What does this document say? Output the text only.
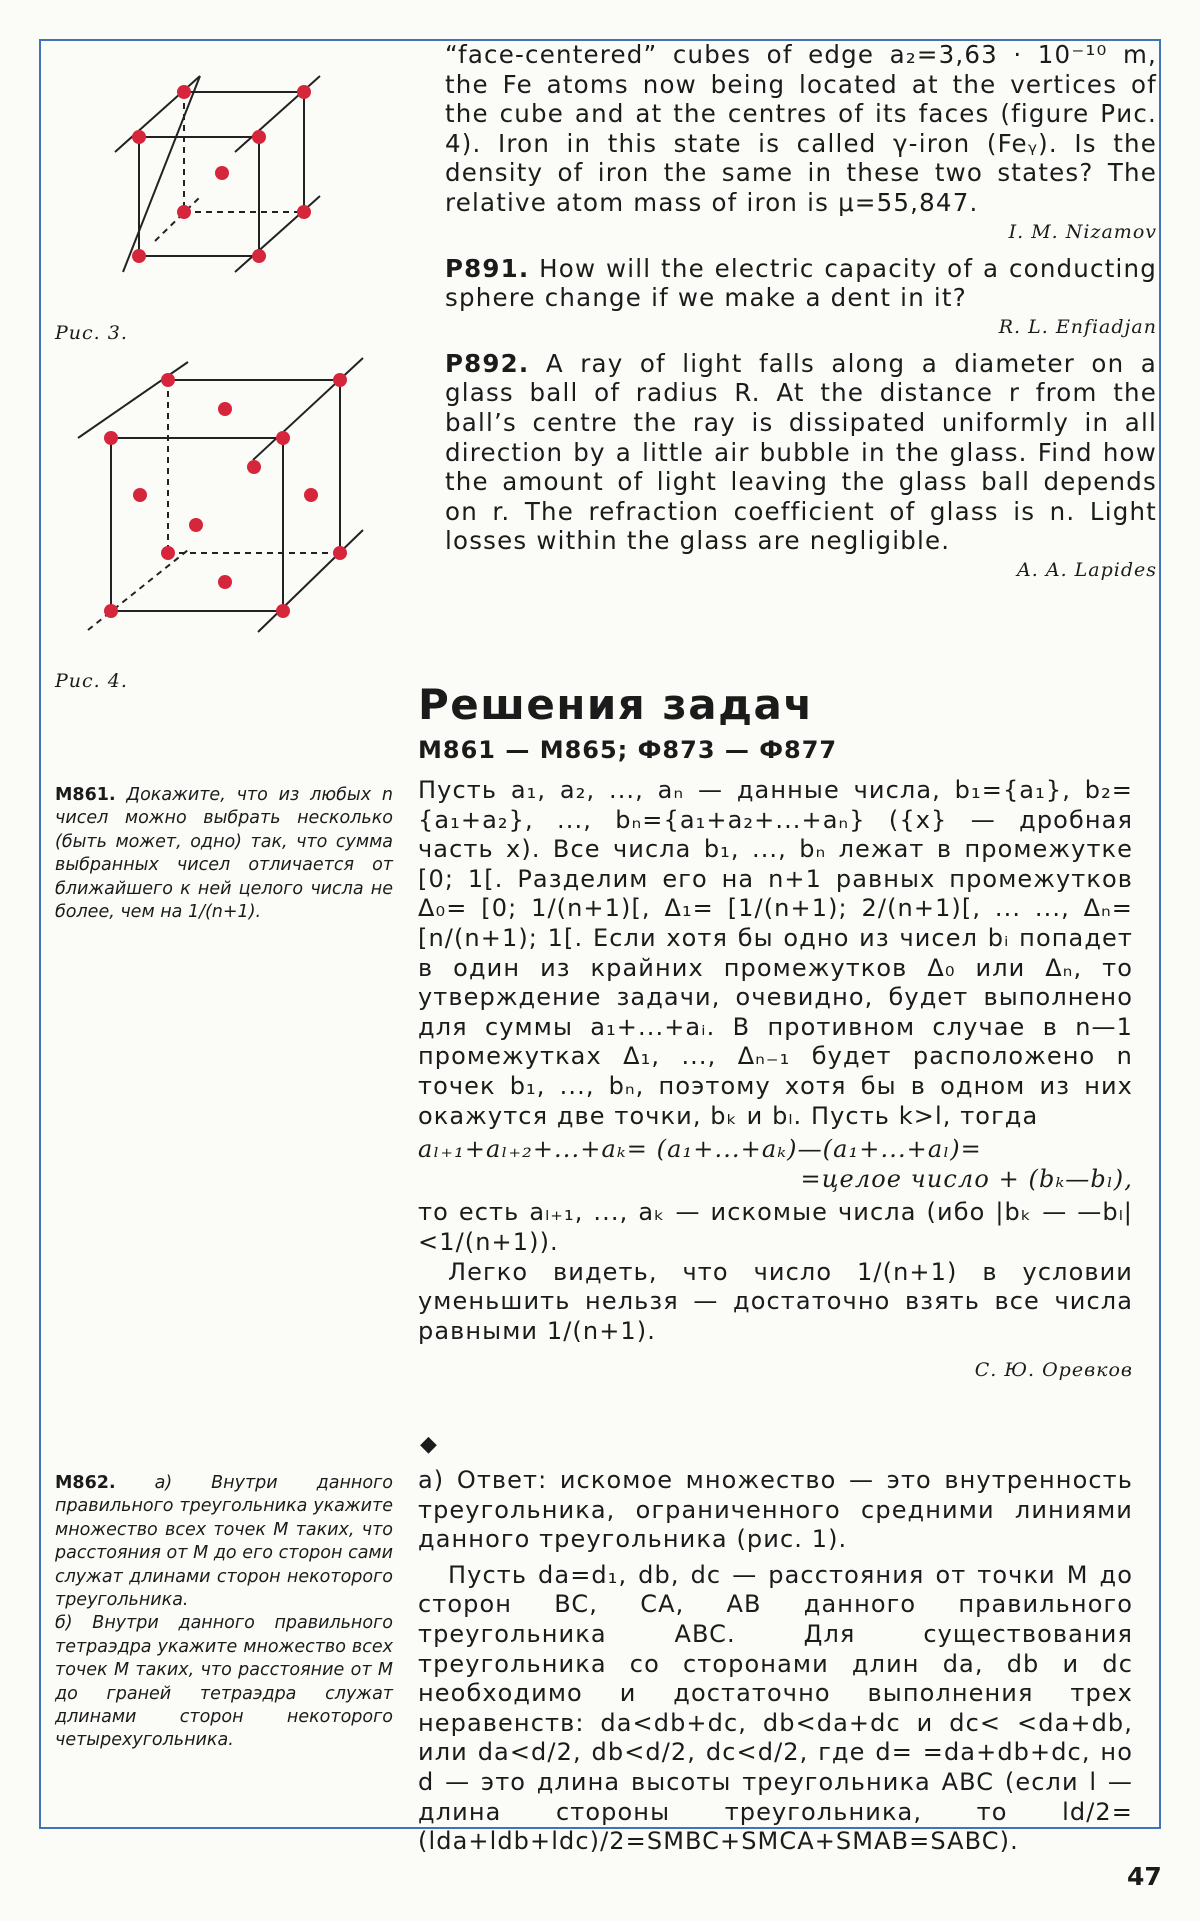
Рис. 3.
Рис. 4.

“face-centered” cubes of edge a₂=3,63 · 10⁻¹⁰ m, the Fe atoms now being located at the vertices of the cube and at the centres of its faces (figure Рис. 4). Iron in this state is called γ-iron (Feᵧ). Is the density of iron the same in these two states? The relative atom mass of iron is μ=55,847.

I. M. Nizamov

P891. How will the electric capacity of a conducting sphere change if we make a dent in it?

R. L. Enfiadjan

P892. A ray of light falls along a diameter on a glass ball of radius R. At the distance r from the ball’s centre the ray is dissipated uniformly in all direction by a little air bubble in the glass. Find how the amount of light leaving the glass ball depends on r. The refraction coefficient of glass is n. Light losses within the glass are negligible.

A. A. Lapides

Решения задач
M861 — M865; Ф873 — Ф877

M861. Докажите, что из любых n чисел можно выбрать несколько (быть может, одно) так, что сумма выбранных чисел отличается от ближайшего к ней целого числа не более, чем на 1/(n+1).

Пусть a₁, a₂, ..., aₙ — данные числа, b₁={a₁}, b₂={a₁+a₂}, ..., bₙ={a₁+a₂+...+aₙ} ({x} — дробная часть x). Все числа b₁, ..., bₙ лежат в промежутке [0; 1[. Разделим его на n+1 равных промежутков Δ₀= [0; 1/(n+1)[, Δ₁= [1/(n+1); 2/(n+1)[, ... ..., Δₙ= [n/(n+1); 1[. Если хотя бы одно из чисел bᵢ попадет в один из крайних промежутков Δ₀ или Δₙ, то утверждение задачи, очевидно, будет выполнено для суммы a₁+...+aᵢ. В противном случае в n—1 промежутках Δ₁, ..., Δₙ₋₁ будет расположено n точек b₁, ..., bₙ, поэтому хотя бы в одном из них окажутся две точки, bₖ и bₗ. Пусть k>l, тогда

aₗ₊₁+aₗ₊₂+...+aₖ= (a₁+...+aₖ)—(a₁+...+aₗ)=
=целое число + (bₖ—bₗ),

то есть aₗ₊₁, ..., aₖ — искомые числа (ибо |bₖ — —bₗ|<1/(n+1)).

Легко видеть, что число 1/(n+1) в условии уменьшить нельзя — достаточно взять все числа равными 1/(n+1).

С. Ю. Оревков

◆

M862. а) Внутри данного правильного треугольника укажите множество всех точек M таких, что расстояния от M до его сторон сами служат длинами сторон некоторого треугольника.

б) Внутри данного правильного тетраэдра укажите множество всех точек M таких, что расстояние от M до граней тетраэдра служат длинами сторон некоторого четырехугольника.

а) Ответ: искомое множество — это внутренность треугольника, ограниченного средними линиями данного треугольника (рис. 1).

Пусть da=d₁, db, dc — расстояния от точки M до сторон BC, CA, AB данного правильного треугольника ABC. Для существования треугольника со сторонами длин da, db и dc необходимо и достаточно выполнения трех неравенств: da<db+dc, db<da+dc и dc< <da+db, или da<d/2, db<d/2, dc<d/2, где d= =da+db+dc, но d — это длина высоты треугольника ABC (если l — длина стороны треугольника, то ld/2=(lda+ldb+ldc)/2=SMBC+SMCA+SMAB=SABC).

47
